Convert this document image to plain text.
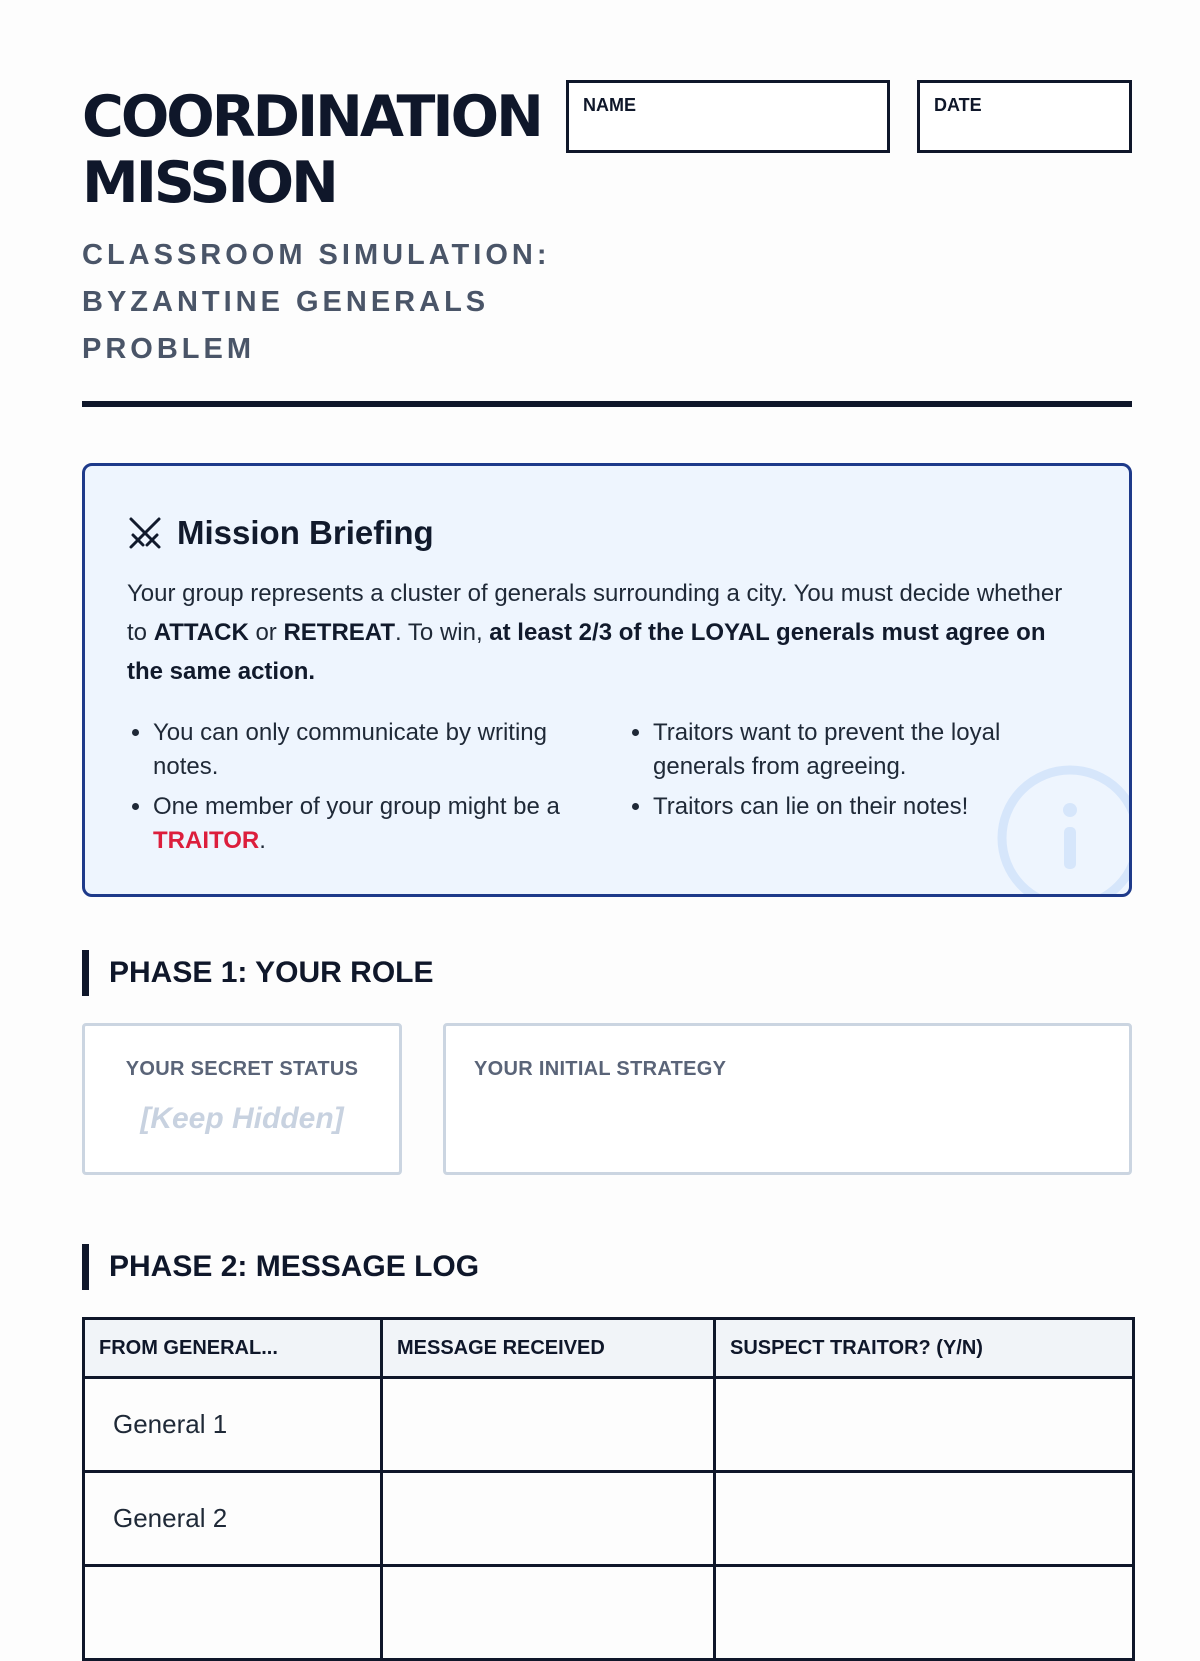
COORDINATION
MISSION

CLASSROOM SIMULATION: BYZANTINE GENERALS PROBLEM

NAME	DATE
Mission Briefing

Your group represents a cluster of generals surrounding a city. You must decide whether to ATTACK or RETREAT. To win, at least 2/3 of the LOYAL generals must agree on the same action.

• You can only communicate by writing notes.
• One member of your group might be a TRAITOR.
• Traitors want to prevent the loyal generals from agreeing.
• Traitors can lie on their notes!
PHASE 1: YOUR ROLE
YOUR SECRET STATUS
[Keep Hidden]
YOUR INITIAL STRATEGY
PHASE 2: MESSAGE LOG
FROM GENERAL...	MESSAGE RECEIVED	SUSPECT TRAITOR? (Y/N)
General 1		
General 2		
